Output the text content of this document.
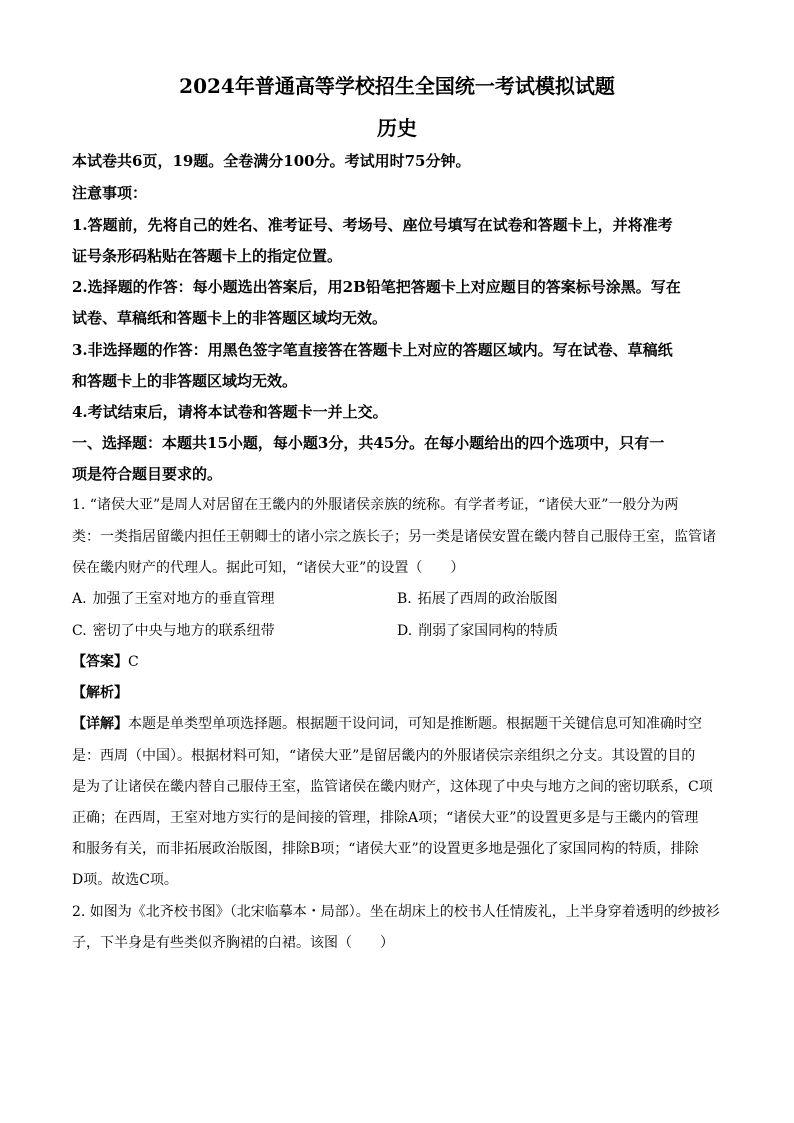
2024年普通高等学校招生全国统一考试模拟试题
历史
本试卷共6页，19题。全卷满分100分。考试用时75分钟。
注意事项：
1.答题前，先将自己的姓名、准考证号、考场号、座位号填写在试卷和答题卡上，并将准考
证号条形码粘贴在答题卡上的指定位置。
2.选择题的作答：每小题选出答案后，用2B铅笔把答题卡上对应题目的答案标号涂黑。写在
试卷、草稿纸和答题卡上的非答题区域均无效。
3.非选择题的作答：用黑色签字笔直接答在答题卡上对应的答题区域内。写在试卷、草稿纸
和答题卡上的非答题区域均无效。
4.考试结束后，请将本试卷和答题卡一并上交。
一、选择题：本题共15小题，每小题3分，共45分。在每小题给出的四个选项中，只有一
项是符合题目要求的。
1. “诸侯大亚”是周人对居留在王畿内的外服诸侯亲族的统称。有学者考证，“诸侯大亚”一般分为两
类：一类指居留畿内担任王朝卿士的诸小宗之族长子；另一类是诸侯安置在畿内替自己服侍王室，监管诸
侯在畿内财产的代理人。据此可知，“诸侯大亚”的设置（　　）
A. 加强了王室对地方的垂直管理	B. 拓展了西周的政治版图
C. 密切了中央与地方的联系纽带	D. 削弱了家国同构的特质
【答案】C
【解析】
【详解】本题是单类型单项选择题。根据题干设问词，可知是推断题。根据题干关键信息可知准确时空
是：西周（中国）。根据材料可知，“诸侯大亚”是留居畿内的外服诸侯宗亲组织之分支。其设置的目的
是为了让诸侯在畿内替自己服侍王室，监管诸侯在畿内财产，这体现了中央与地方之间的密切联系，C项
正确；在西周，王室对地方实行的是间接的管理，排除A项；“诸侯大亚”的设置更多是与王畿内的管理
和服务有关，而非拓展政治版图，排除B项；“诸侯大亚”的设置更多地是强化了家国同构的特质，排除
D项。故选C项。
2. 如图为《北齐校书图》（北宋临摹本・局部）。坐在胡床上的校书人任情废礼，上半身穿着透明的纱披衫
子，下半身是有些类似齐胸裙的白裙。该图（　　）
